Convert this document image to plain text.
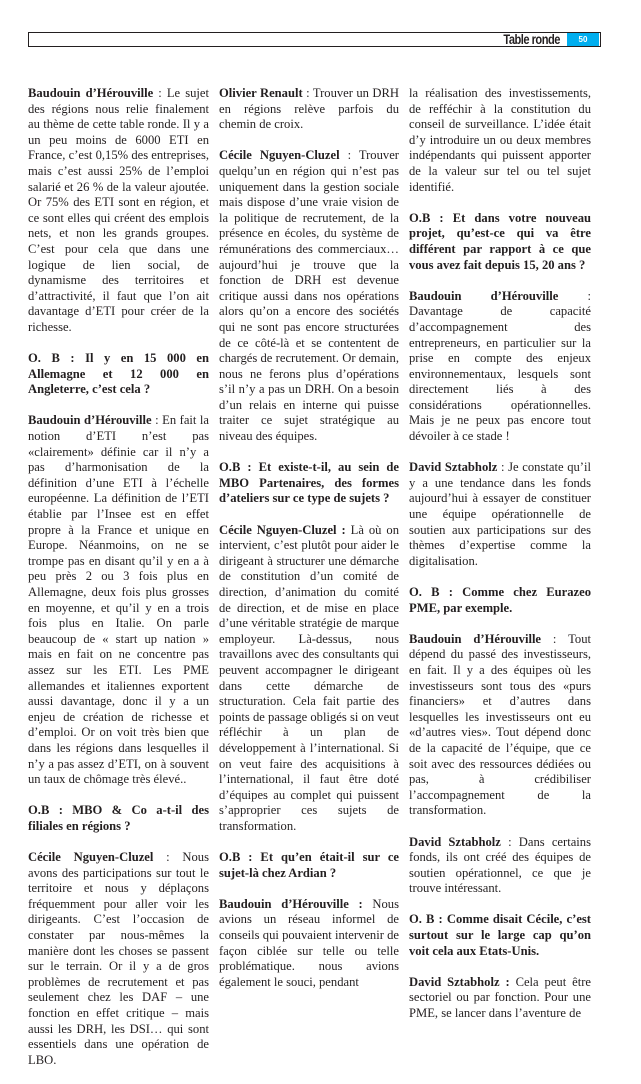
Table ronde	50

Baudouin d’Hérouville : Le sujet des régions nous relie finalement au thème de cette table ronde. Il y a un peu moins de 6000 ETI en France, c’est 0,15% des entreprises, mais c’est aussi 25% de l’emploi salarié et 26 % de la valeur ajoutée. Or 75% des ETI sont en région, et ce sont elles qui créent des emplois nets, et non les grands groupes. C’est pour cela que dans une logique de lien social, de dynamisme des territoires et d’attractivité, il faut que l’on ait davantage d’ETI pour créer de la richesse.

O. B : Il y en 15 000 en Allemagne et 12 000 en Angleterre, c’est cela ?

Baudouin d’Hérouville : En fait la notion d’ETI n’est pas «clairement» définie car il n’y a pas d’harmonisation de la définition d’une ETI à l’échelle européenne. La définition de l’ETI établie par l’Insee est en effet propre à la France et unique en Europe. Néanmoins, on ne se trompe pas en disant qu’il y en a à peu près 2 ou 3 fois plus en Allemagne, deux fois plus grosses en moyenne, et qu’il y en a trois fois plus en Italie. On parle beaucoup de « start up nation » mais en fait on ne concentre pas assez sur les ETI. Les PME allemandes et italiennes exportent aussi davantage, donc il y a un enjeu de création de richesse et d’emploi. Or on voit très bien que dans les régions dans lesquelles il n’y a pas assez d’ETI, on à souvent un taux de chômage très élevé..

O.B : MBO & Co a-t-il des filiales en régions ?

Cécile Nguyen-Cluzel : Nous avons des participations sur tout le territoire et nous y déplaçons fréquemment pour aller voir les dirigeants. C’est l’occasion de constater par nous-mêmes la manière dont les choses se passent sur le terrain. Or il y a de gros problèmes de recrutement et pas seulement chez les DAF – une fonction en effet critique – mais aussi les DRH, les DSI… qui sont essentiels dans une opération de LBO.

Olivier Renault : Trouver un DRH en régions relève parfois du chemin de croix.

Cécile Nguyen-Cluzel : Trouver quelqu’un en région qui n’est pas uniquement dans la gestion sociale mais dispose d’une vraie vision de la politique de recrutement, de la présence en écoles, du système de rémunérations des commerciaux… aujourd’hui je trouve que la fonction de DRH est devenue critique aussi dans nos opérations alors qu’on a encore des sociétés qui ne sont pas encore structurées de ce côté-là et se contentent de chargés de recrutement. Or demain, nous ne ferons plus d’opérations s’il n’y a pas un DRH. On a besoin d’un relais en interne qui puisse traiter ce sujet stratégique au niveau des équipes.

O.B : Et existe-t-il, au sein de MBO Partenaires, des formes d’ateliers sur ce type de sujets ?

Cécile Nguyen-Cluzel : Là où on intervient, c’est plutôt pour aider le dirigeant à structurer une démarche de constitution d’un comité de direction, d’animation du comité de direction, et de mise en place d’une véritable stratégie de marque employeur. Là-dessus, nous travaillons avec des consultants qui peuvent accompagner le dirigeant dans cette démarche de structuration. Cela fait partie des points de passage obligés si on veut réfléchir à un plan de développement à l’international. Si on veut faire des acquisitions à l’international, il faut être doté d’équipes au complet qui puissent s’approprier ces sujets de transformation.

O.B : Et qu’en était-il sur ce sujet-là chez Ardian ?

Baudouin d’Hérouville : Nous avions un réseau informel de conseils qui pouvaient intervenir de façon ciblée sur telle ou telle problématique. nous avions également le souci, pendant

la réalisation des investissements, de refféchir à la constitution du conseil de surveillance. L’idée était d’y introduire un ou deux membres indépendants qui puissent apporter de la valeur sur tel ou tel sujet identifié.

O.B : Et dans votre nouveau projet, qu’est-ce qui va être différent par rapport à ce que vous avez fait depuis 15, 20 ans ?

Baudouin d’Hérouville : Davantage de capacité d’accompagnement des entrepreneurs, en particulier sur la prise en compte des enjeux environnementaux, lesquels sont directement liés à des considérations opérationnelles. Mais je ne peux pas encore tout dévoiler à ce stade !

David Sztabholz : Je constate qu’il y a une tendance dans les fonds aujourd’hui à essayer de constituer une équipe opérationnelle de soutien aux participations sur des thèmes d’expertise comme la digitalisation.

O. B : Comme chez Eurazeo PME, par exemple.

Baudouin d’Hérouville : Tout dépend du passé des investisseurs, en fait. Il y a des équipes où les investisseurs sont tous des «purs financiers» et d’autres dans lesquelles les investisseurs ont eu «d’autres vies». Tout dépend donc de la capacité de l’équipe, que ce soit avec des ressources dédiées ou pas, à crédibiliser l’accompagnement de la transformation.

David Sztabholz : Dans certains fonds, ils ont créé des équipes de soutien opérationnel, ce que je trouve intéressant.

O. B : Comme disait Cécile, c’est surtout sur le large cap qu’on voit cela aux Etats-Unis.

David Sztabholz : Cela peut être sectoriel ou par fonction. Pour une PME, se lancer dans l’aventure de
